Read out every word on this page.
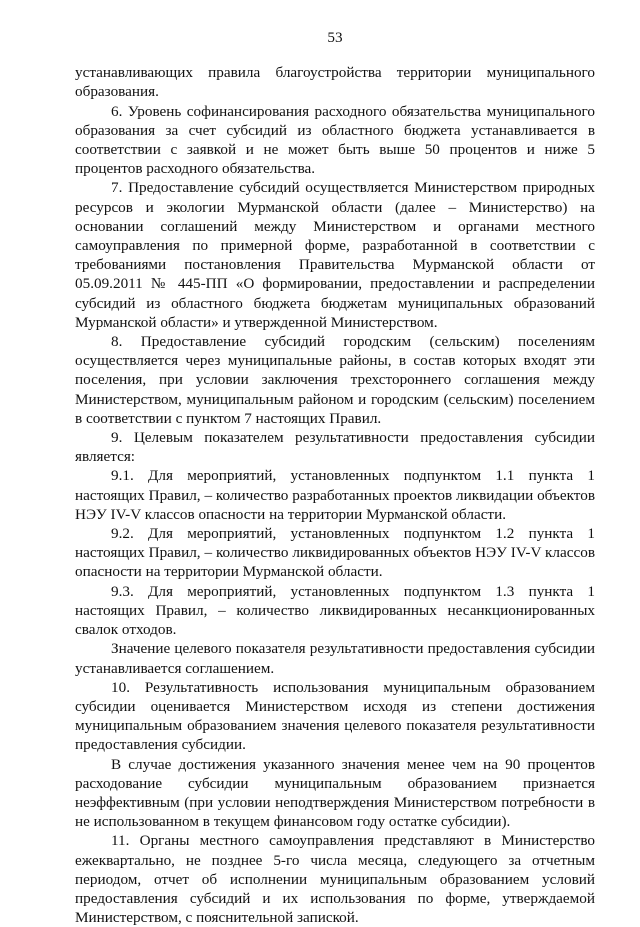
53

устанавливающих правила благоустройства территории муниципального образования.

6. Уровень софинансирования расходного обязательства муниципального образования за счет субсидий из областного бюджета устанавливается в соответствии с заявкой и не может быть выше 50 процентов и ниже 5 процентов расходного обязательства.

7. Предоставление субсидий осуществляется Министерством природных ресурсов и экологии Мурманской области (далее – Министерство) на основании соглашений между Министерством и органами местного самоуправления по примерной форме, разработанной в соответствии с требованиями постановления Правительства Мурманской области от 05.09.2011 № 445-ПП «О формировании, предоставлении и распределении субсидий из областного бюджета бюджетам муниципальных образований Мурманской области» и утвержденной Министерством.

8. Предоставление субсидий городским (сельским) поселениям осуществляется через муниципальные районы, в состав которых входят эти поселения, при условии заключения трехстороннего соглашения между Министерством, муниципальным районом и городским (сельским) поселением в соответствии с пунктом 7 настоящих Правил.

9. Целевым показателем результативности предоставления субсидии является:

9.1. Для мероприятий, установленных подпунктом 1.1 пункта 1 настоящих Правил, – количество разработанных проектов ликвидации объектов НЭУ IV-V классов опасности на территории Мурманской области.

9.2. Для мероприятий, установленных подпунктом 1.2 пункта 1 настоящих Правил, – количество ликвидированных объектов НЭУ IV-V классов опасности на территории Мурманской области.

9.3. Для мероприятий, установленных подпунктом 1.3 пункта 1 настоящих Правил, – количество ликвидированных несанкционированных свалок отходов.

Значение целевого показателя результативности предоставления субсидии устанавливается соглашением.

10. Результативность использования муниципальным образованием субсидии оценивается Министерством исходя из степени достижения муниципальным образованием значения целевого показателя результативности предоставления субсидии.

В случае достижения указанного значения менее чем на 90 процентов расходование субсидии муниципальным образованием признается неэффективным (при условии неподтверждения Министерством потребности в не использованном в текущем финансовом году остатке субсидии).

11. Органы местного самоуправления представляют в Министерство ежеквартально, не позднее 5-го числа месяца, следующего за отчетным периодом, отчет об исполнении муниципальным образованием условий предоставления субсидий и их использования по форме, утверждаемой Министерством, с пояснительной запиской.
